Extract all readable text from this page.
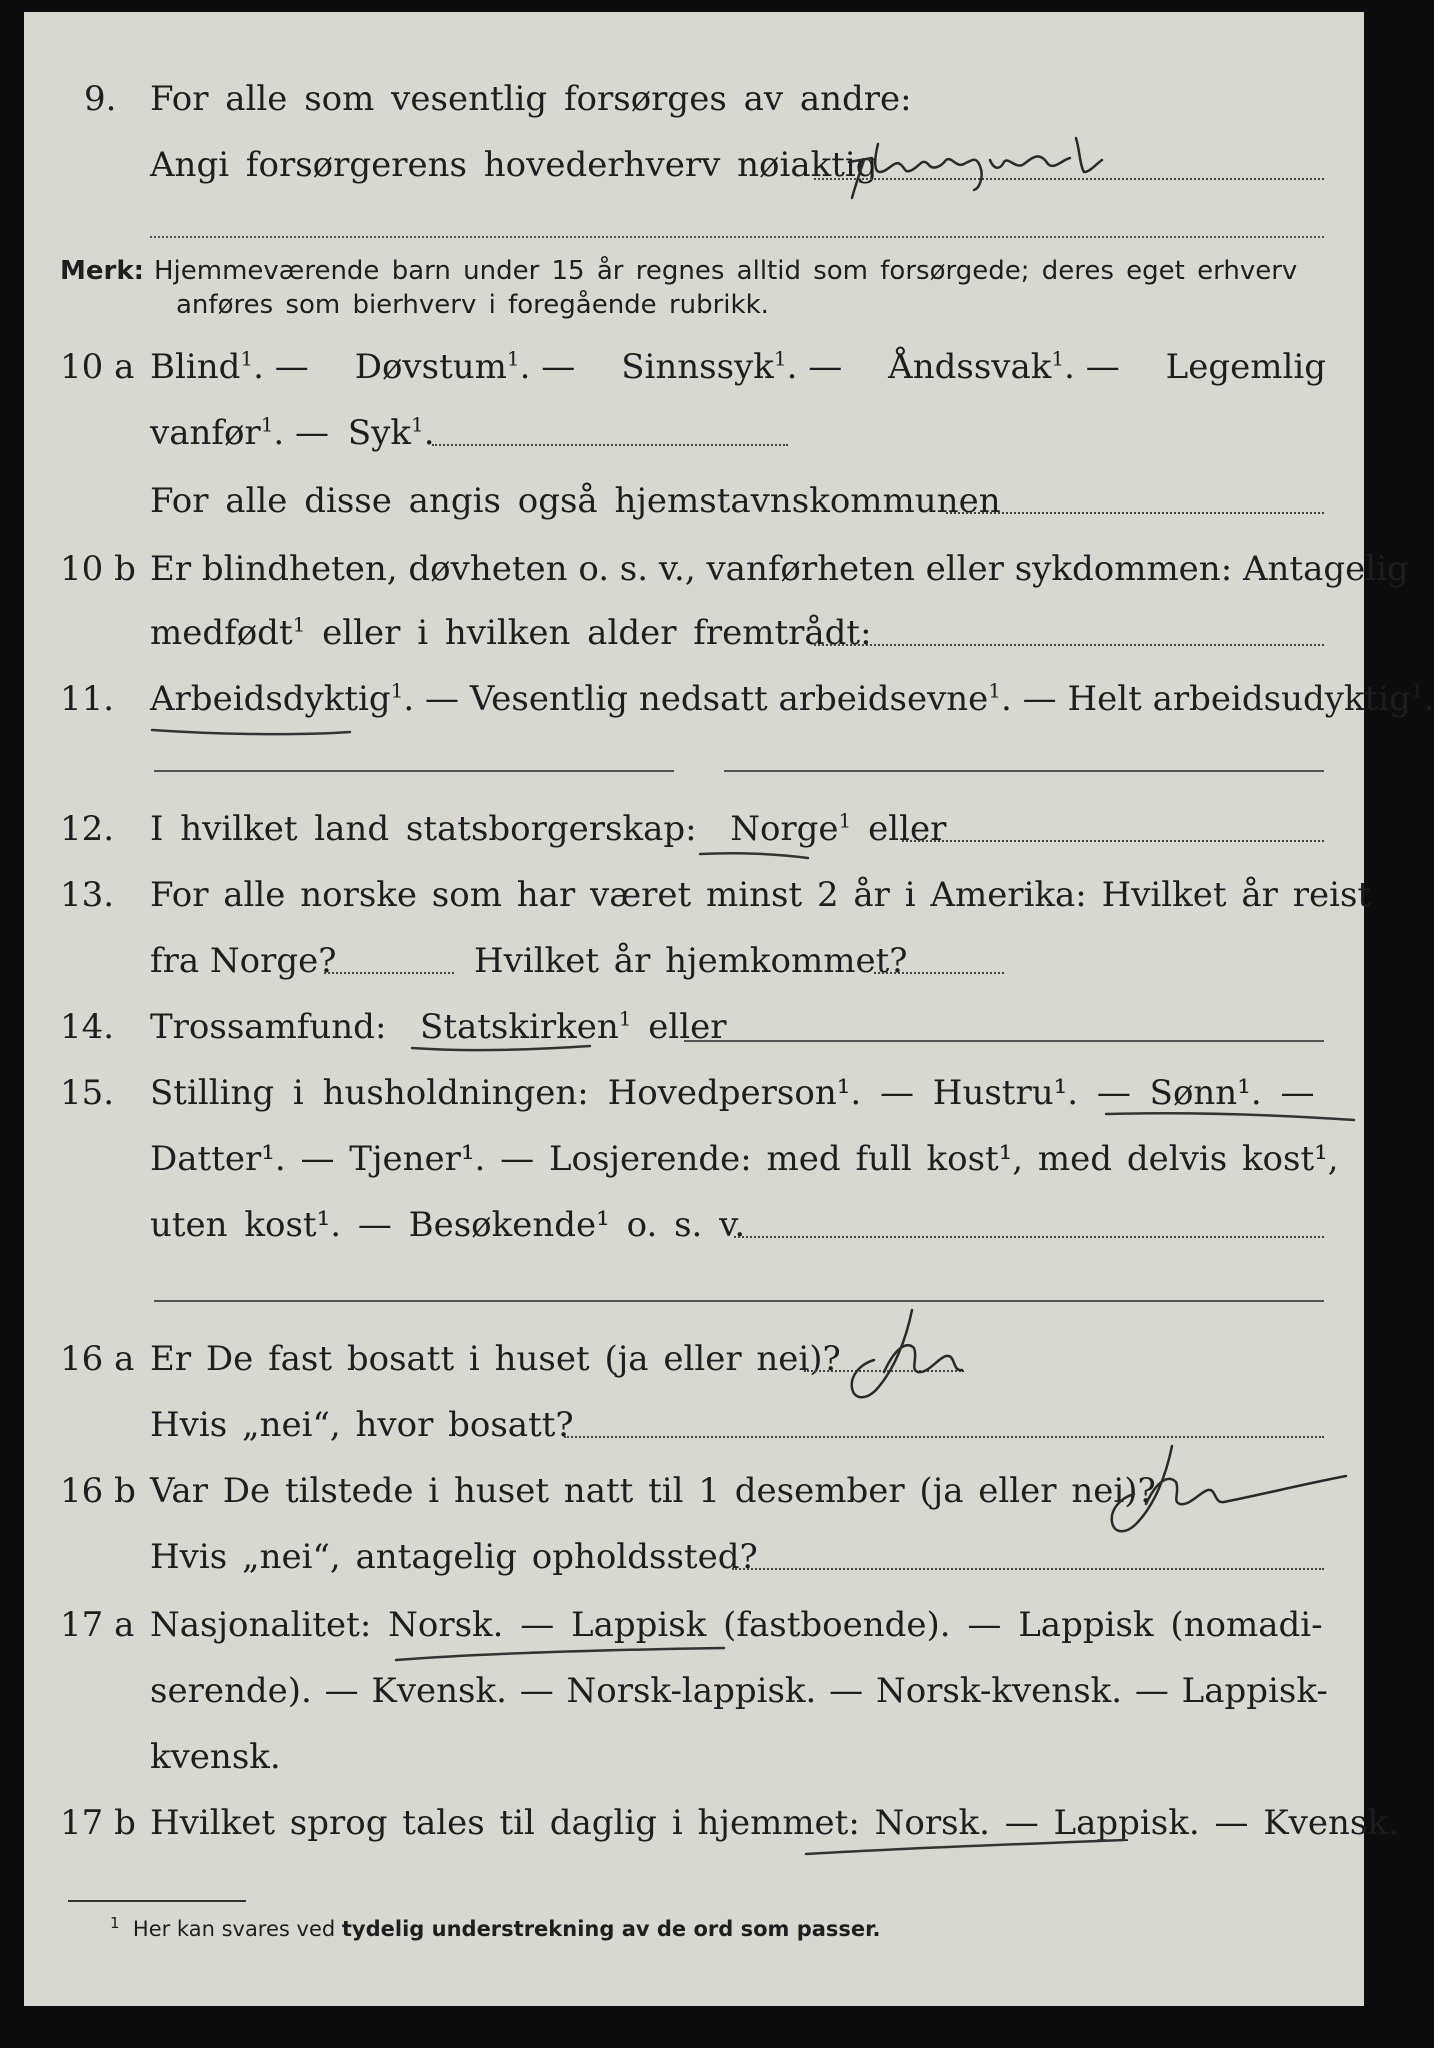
9. For alle som vesentlig forsørges av andre:
Angi forsørgerens hovederhverv nøiaktig
Merk: Hjemmeværende barn under 15 år regnes alltid som forsørgede; deres eget erhverv
anføres som bierhverv i foregående rubrikk.
10 a Blind$^1$. — Døvstum$^1$. — Sinnssyk$^1$. — Åndssvak$^1$. — Legemlig
vanfør$^1$. — Syk$^1$.
For alle disse angis også hjemstavnskommunen
10 b Er blindheten, døvheten o. s. v., vanførheten eller sykdommen: Antagelig
medfødt$^1$ eller i hvilken alder fremtrådt:
11. Arbeidsdyktig$^1$. — Vesentlig nedsatt arbeidsevne$^1$. — Helt arbeidsudyktig$^1$.
12. I hvilket land statsborgerskap: Norge$^1$ eller
13. For alle norske som har været minst 2 år i Amerika: Hvilket år reist
fra Norge?	Hvilket år hjemkommet?
14. Trossamfund: Statskirken$^1$ eller
15. Stilling i husholdningen: Hovedperson¹. — Hustru¹. — Sønn¹. —
Datter¹. — Tjener¹. — Losjerende: med full kost¹, med delvis kost¹,
uten kost¹. — Besøkende¹ o. s. v.
16 a Er De fast bosatt i huset (ja eller nei)?
Hvis „nei“, hvor bosatt?
16 b Var De tilstede i huset natt til 1 desember (ja eller nei)?
Hvis „nei“, antagelig opholdssted?
17 a Nasjonalitet: Norsk. — Lappisk (fastboende). — Lappisk (nomadi-
serende). — Kvensk. — Norsk-lappisk. — Norsk-kvensk. — Lappisk-
kvensk.
17 b Hvilket sprog tales til daglig i hjemmet: Norsk. — Lappisk. — Kvensk.
$^1$ Her kan svares ved tydelig understrekning av de ord som passer.
